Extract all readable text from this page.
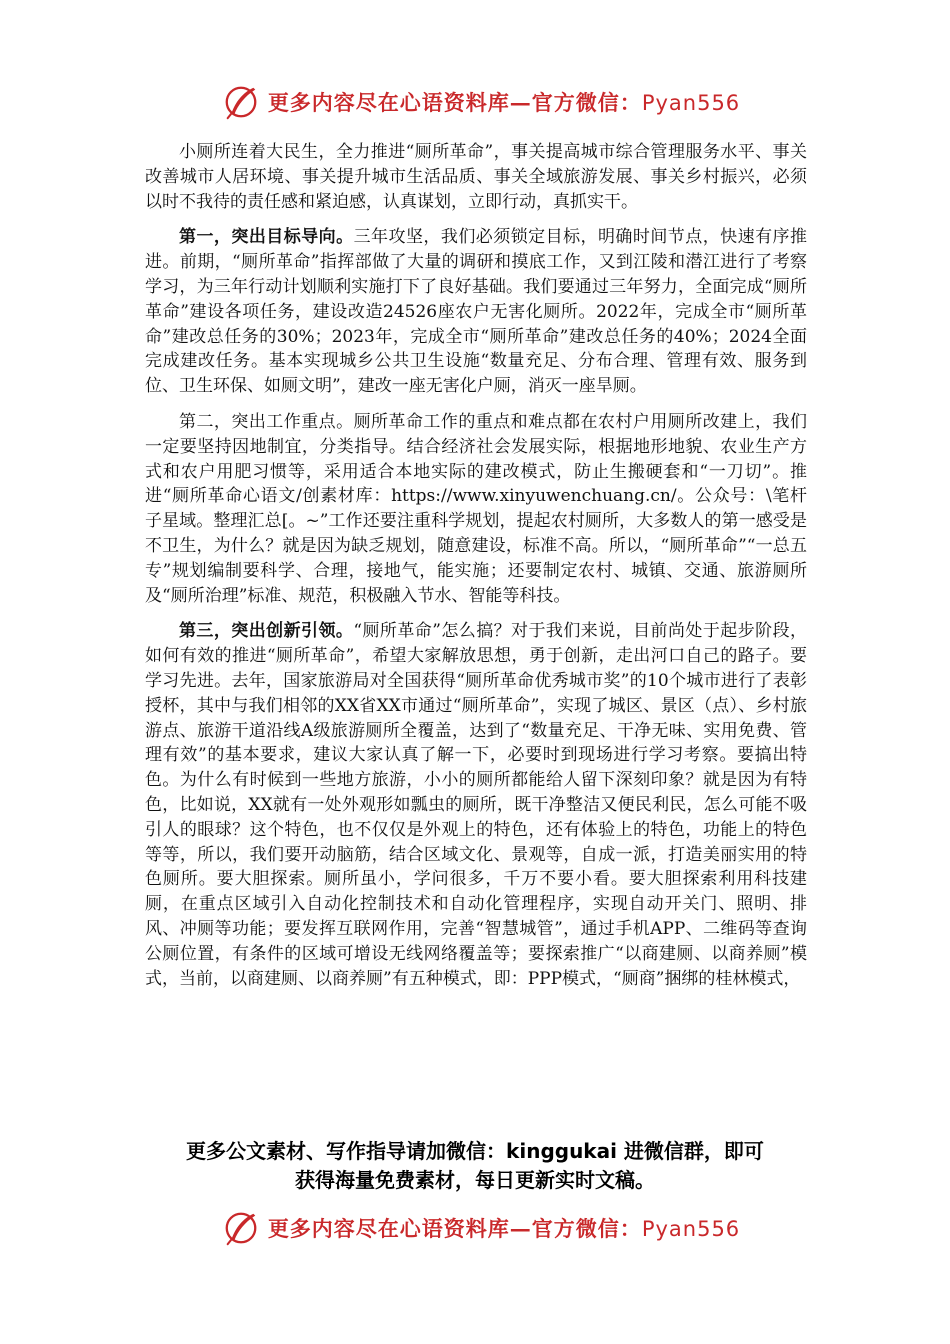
更多内容尽在心语资料库—官方微信：Pyan556

小厕所连着大民生，全力推进“厕所革命”，事关提高城市综合管理服务水平、事关改善城市人居环境、事关提升城市生活品质、事关全域旅游发展、事关乡村振兴，必须以时不我待的责任感和紧迫感，认真谋划，立即行动，真抓实干。

第一，突出目标导向。三年攻坚，我们必须锁定目标，明确时间节点，快速有序推进。前期，“厕所革命”指挥部做了大量的调研和摸底工作，又到江陵和潜江进行了考察学习，为三年行动计划顺利实施打下了良好基础。我们要通过三年努力，全面完成“厕所革命”建设各项任务，建设改造24526座农户无害化厕所。2022年，完成全市“厕所革命”建改总任务的30%；2023年，完成全市“厕所革命”建改总任务的40%；2024全面完成建改任务。基本实现城乡公共卫生设施“数量充足、分布合理、管理有效、服务到位、卫生环保、如厕文明”，建改一座无害化户厕，消灭一座旱厕。

第二，突出工作重点。厕所革命工作的重点和难点都在农村户用厕所改建上，我们一定要坚持因地制宜，分类指导。结合经济社会发展实际，根据地形地貌、农业生产方式和农户用肥习惯等，采用适合本地实际的建改模式，防止生搬硬套和“一刀切”。推进“厕所革命心语文/创素材库：https://www.xinyuwenchuang.cn/。公众号：\笔杆子星域。整理汇总[。~”工作还要注重科学规划，提起农村厕所，大多数人的第一感受是不卫生，为什么？就是因为缺乏规划，随意建设，标准不高。所以，“厕所革命”“一总五专”规划编制要科学、合理，接地气，能实施；还要制定农村、城镇、交通、旅游厕所及“厕所治理”标准、规范，积极融入节水、智能等科技。

第三，突出创新引领。“厕所革命”怎么搞？对于我们来说，目前尚处于起步阶段，如何有效的推进“厕所革命”，希望大家解放思想，勇于创新，走出河口自己的路子。要学习先进。去年，国家旅游局对全国获得“厕所革命优秀城市奖”的10个城市进行了表彰授杯，其中与我们相邻的XX省XX市通过“厕所革命”，实现了城区、景区（点）、乡村旅游点、旅游干道沿线A级旅游厕所全覆盖，达到了“数量充足、干净无味、实用免费、管理有效”的基本要求，建议大家认真了解一下，必要时到现场进行学习考察。要搞出特色。为什么有时候到一些地方旅游，小小的厕所都能给人留下深刻印象？就是因为有特色，比如说，XX就有一处外观形如瓢虫的厕所，既干净整洁又便民利民，怎么可能不吸引人的眼球？这个特色，也不仅仅是外观上的特色，还有体验上的特色，功能上的特色等等，所以，我们要开动脑筋，结合区域文化、景观等，自成一派，打造美丽实用的特色厕所。要大胆探索。厕所虽小，学问很多，千万不要小看。要大胆探索利用科技建厕，在重点区域引入自动化控制技术和自动化管理程序，实现自动开关门、照明、排风、冲厕等功能；要发挥互联网作用，完善“智慧城管”，通过手机APP、二维码等查询公厕位置，有条件的区域可增设无线网络覆盖等；要探索推广“以商建厕、以商养厕”模式，当前，以商建厕、以商养厕”有五种模式，即：PPP模式，“厕商”捆绑的桂林模式，

更多公文素材、写作指导请加微信：kinggukai 进微信群，即可
获得海量免费素材，每日更新实时文稿。
更多内容尽在心语资料库—官方微信：Pyan556
